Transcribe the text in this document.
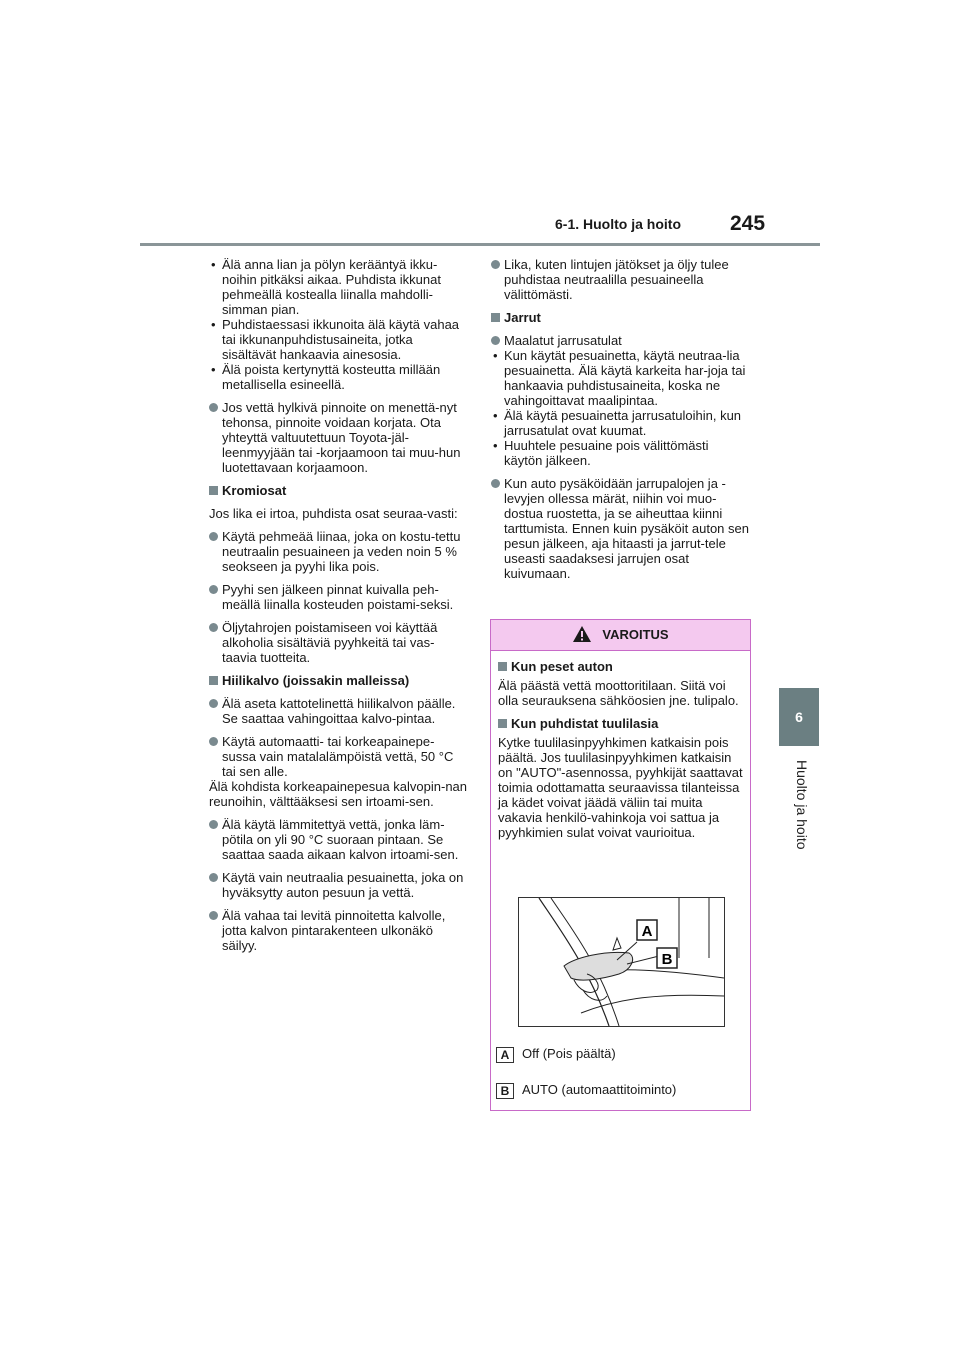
6-1. Huolto ja hoito 245
6
Huolto ja hoito
• Älä anna lian ja pölyn kerääntyä ikku-noihin pitkäksi aikaa. Puhdista ikkunat pehmeällä kostealla liinalla mahdolli-simman pian.
• Puhdistaessasi ikkunoita älä käytä vahaa tai ikkunanpuhdistusaineita, jotka sisältävät hankaavia ainesosia.
• Älä poista kertynyttä kosteutta millään metallisella esineellä.
Jos vettä hylkivä pinnoite on menettä-nyt tehonsa, pinnoite voidaan korjata. Ota yhteyttä valtuutettuun Toyota-jäl-leenmyyjään tai -korjaamoon tai muu-hun luotettavaan korjaamoon.
Kromiosat
Jos lika ei irtoa, puhdista osat seuraa-vasti:
Käytä pehmeää liinaa, joka on kostu-tettu neutraalin pesuaineen ja veden noin 5 % seokseen ja pyyhi lika pois.
Pyyhi sen jälkeen pinnat kuivalla peh-meällä liinalla kosteuden poistami-seksi.
Öljytahrojen poistamiseen voi käyttää alkoholia sisältäviä pyyhkeitä tai vas-taavia tuotteita.
Hiilikalvo (joissakin malleissa)
Älä aseta kattotelinettä hiilikalvon päälle. Se saattaa vahingoittaa kalvo-pintaa.
Käytä automaatti- tai korkeapainepe-sussa vain matalalämpöistä vettä, 50 °C tai sen alle.
Älä kohdista korkeapainepesua kalvopin-nan reunoihin, välttääksesi sen irtoami-sen.
Älä käytä lämmitettyä vettä, jonka läm-pötila on yli 90 °C suoraan pintaan. Se saattaa saada aikaan kalvon irtoami-sen.
Käytä vain neutraalia pesuainetta, joka on hyväksytty auton pesuun ja vettä.
Älä vahaa tai levitä pinnoitetta kalvolle, jotta kalvon pintarakenteen ulkonäkö säilyy.
Lika, kuten lintujen jätökset ja öljy tulee puhdistaa neutraalilla pesuaineella välittömästi.
Jarrut
Maalatut jarrusatulat
• Kun käytät pesuainetta, käytä neutraa-lia pesuainetta. Älä käytä karkeita har-joja tai hankaavia puhdistusaineita, koska ne vahingoittavat maalipintaa.
• Älä käytä pesuainetta jarrusatuloihin, kun jarrusatulat ovat kuumat.
• Huuhtele pesuaine pois välittömästi käytön jälkeen.
Kun auto pysäköidään jarrupalojen ja -levyjen ollessa märät, niihin voi muo-dostua ruostetta, ja se aiheuttaa kiinni tarttumista. Ennen kuin pysäköit auton sen pesun jälkeen, aja hitaasti ja jarrut-tele useasti saadaksesi jarrujen osat kuivumaan.
VAROITUS
Kun peset auton
Älä päästä vettä moottoritilaan. Siitä voi olla seurauksena sähköosien jne. tulipalo.
Kun puhdistat tuulilasia
Kytke tuulilasinpyyhkimen katkaisin pois päältä. Jos tuulilasinpyyhkimen katkaisin on "AUTO"-asennossa, pyyhkijät saattavat toimia odottamatta seuraavissa tilanteissa ja kädet voivat jäädä väliin tai muita vakavia henkilö-vahinkoja voi sattua ja pyyhkimien sulat voivat vaurioitua.
A
B
A Off (Pois päältä)
B AUTO (automaattitoiminto)
